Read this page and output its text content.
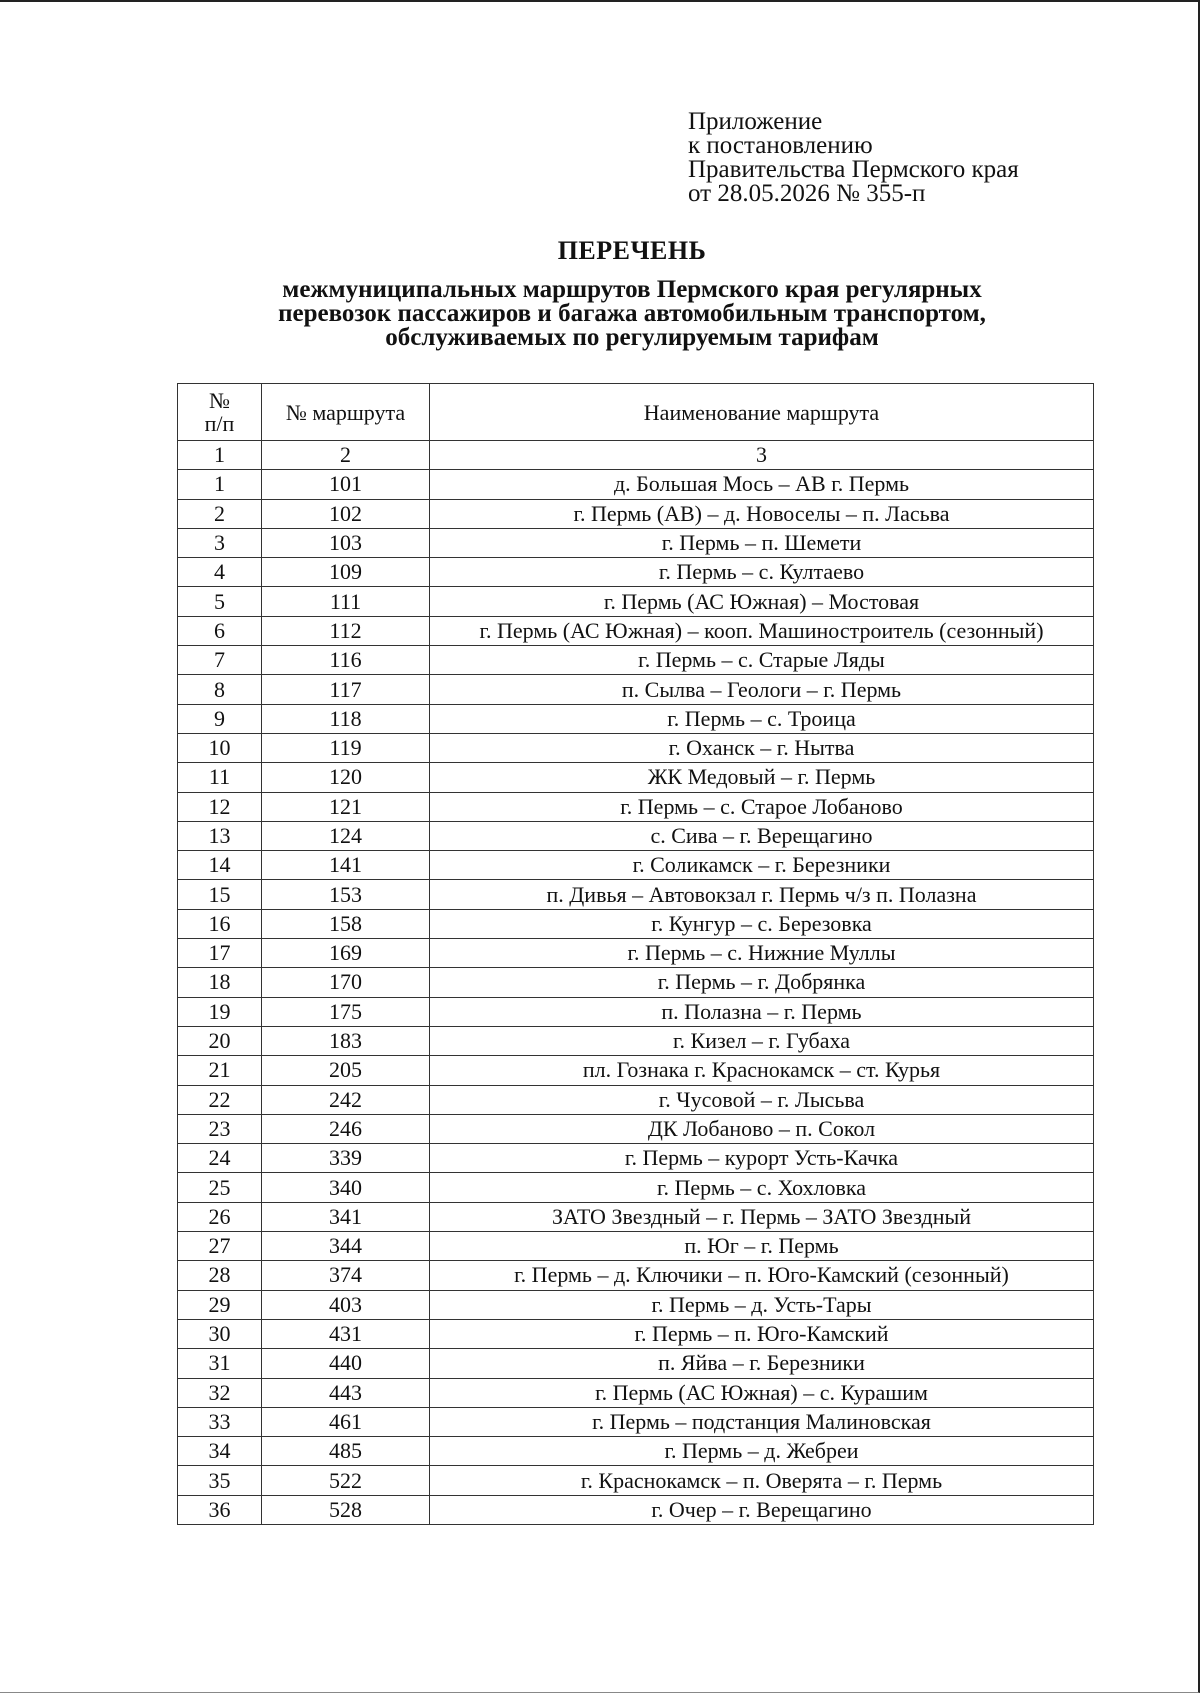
Приложение
к постановлению
Правительства Пермского края
от 28.05.2026 № 355-п
ПЕРЕЧЕНЬ
межмуниципальных маршрутов Пермского края регулярных
перевозок пассажиров и багажа автомобильным транспортом,
обслуживаемых по регулируемым тарифам
№
п/п	№ маршрута	Наименование маршрута
1	2	3
1	101	д. Большая Мось – АВ г. Пермь
2	102	г. Пермь (АВ) – д. Новоселы – п. Ласьва
3	103	г. Пермь – п. Шемети
4	109	г. Пермь – с. Култаево
5	111	г. Пермь (АС Южная) – Мостовая
6	112	г. Пермь (АС Южная) – кооп. Машиностроитель (сезонный)
7	116	г. Пермь – с. Старые Ляды
8	117	п. Сылва – Геологи – г. Пермь
9	118	г. Пермь – с. Троица
10	119	г. Оханск – г. Нытва
11	120	ЖК Медовый – г. Пермь
12	121	г. Пермь – с. Старое Лобаново
13	124	с. Сива – г. Верещагино
14	141	г. Соликамск – г. Березники
15	153	п. Дивья – Автовокзал г. Пермь ч/з п. Полазна
16	158	г. Кунгур – с. Березовка
17	169	г. Пермь – с. Нижние Муллы
18	170	г. Пермь – г. Добрянка
19	175	п. Полазна – г. Пермь
20	183	г. Кизел – г. Губаха
21	205	пл. Гознака г. Краснокамск – ст. Курья
22	242	г. Чусовой – г. Лысьва
23	246	ДК Лобаново – п. Сокол
24	339	г. Пермь – курорт Усть-Качка
25	340	г. Пермь – с. Хохловка
26	341	ЗАТО Звездный – г. Пермь – ЗАТО Звездный
27	344	п. Юг – г. Пермь
28	374	г. Пермь – д. Ключики – п. Юго-Камский (сезонный)
29	403	г. Пермь – д. Усть-Тары
30	431	г. Пермь – п. Юго-Камский
31	440	п. Яйва – г. Березники
32	443	г. Пермь (АС Южная) – с. Курашим
33	461	г. Пермь – подстанция Малиновская
34	485	г. Пермь – д. Жебреи
35	522	г. Краснокамск – п. Оверята – г. Пермь
36	528	г. Очер – г. Верещагино
